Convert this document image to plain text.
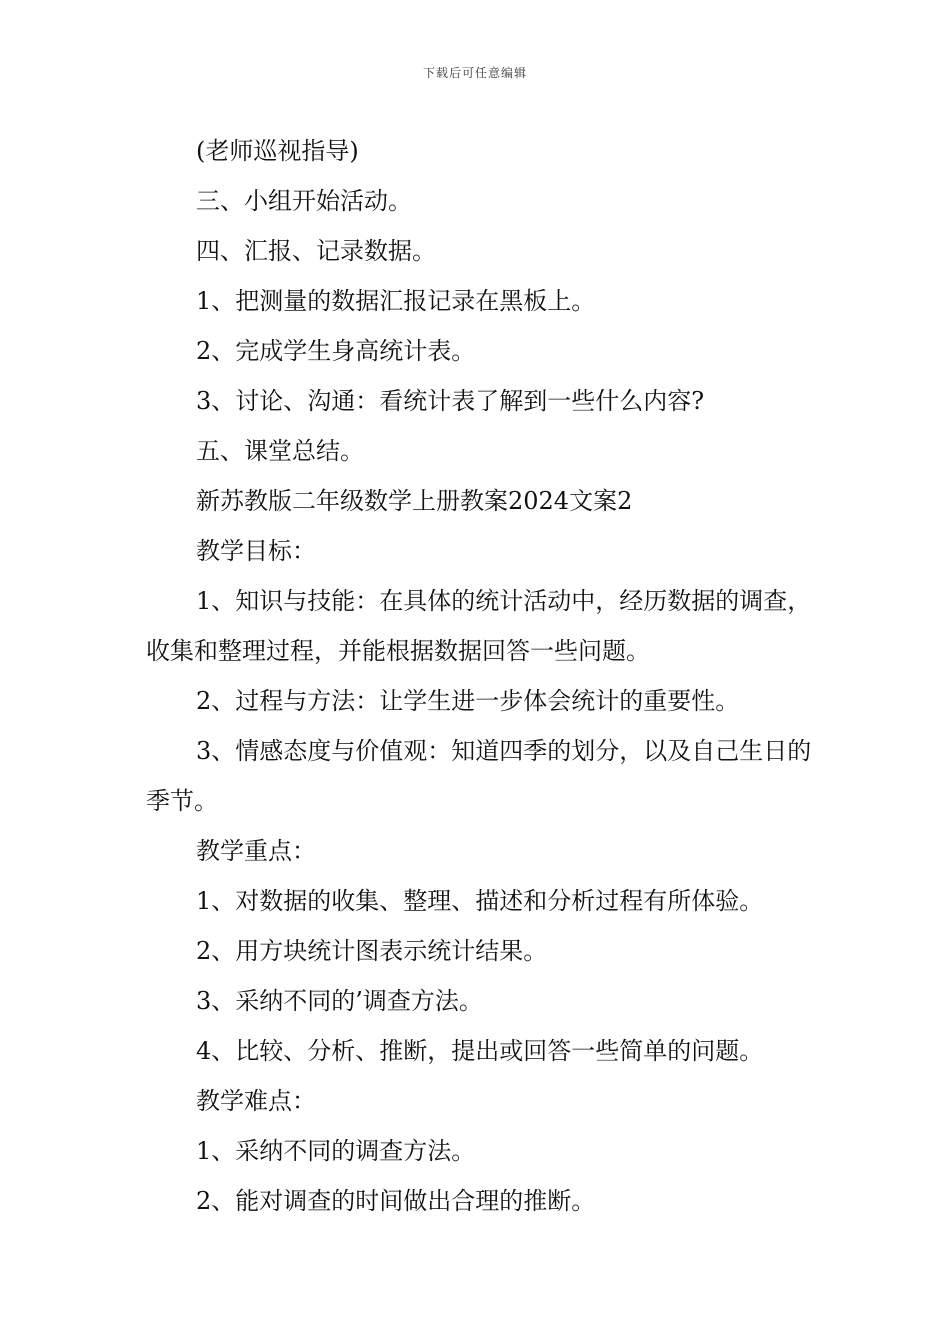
下载后可任意编辑

(老师巡视指导)

三、小组开始活动。

四、汇报、记录数据。

1、把测量的数据汇报记录在黑板上。

2、完成学生身高统计表。

3、讨论、沟通：看统计表了解到一些什么内容?

五、课堂总结。

新苏教版二年级数学上册教案2024文案2

教学目标：

1、知识与技能：在具体的统计活动中，经历数据的调查，收集和整理过程，并能根据数据回答一些问题。

2、过程与方法：让学生进一步体会统计的重要性。

3、情感态度与价值观：知道四季的划分，以及自己生日的季节。

教学重点：

1、对数据的收集、整理、描述和分析过程有所体验。

2、用方块统计图表示统计结果。

3、采纳不同的’调查方法。

4、比较、分析、推断，提出或回答一些简单的问题。

教学难点：

1、采纳不同的调查方法。

2、能对调查的时间做出合理的推断。
